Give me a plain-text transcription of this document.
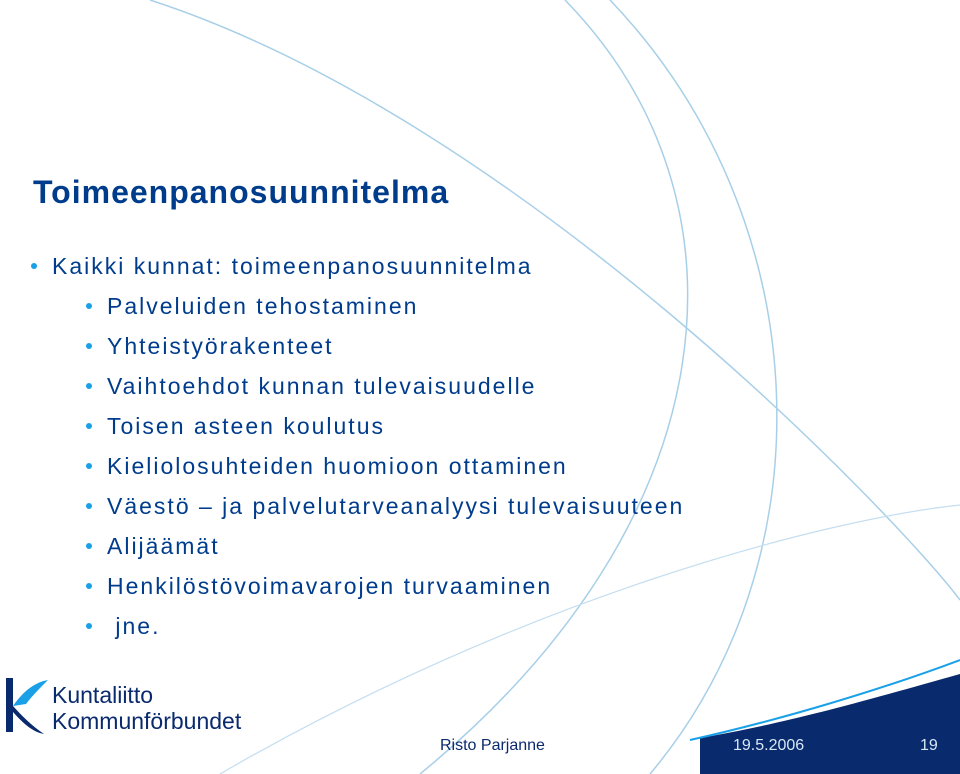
Toimeenpanosuunnitelma
Kaikki kunnat: toimeenpanosuunnitelma
Palveluiden tehostaminen
Yhteistyörakenteet
Vaihtoehdot kunnan tulevaisuudelle
Toisen asteen koulutus
Kieliolosuhteiden huomioon ottaminen
Väestö – ja palvelutarveanalyysi tulevaisuuteen
Alijäämät
Henkilöstövoimavarojen turvaaminen
jne.
Kuntaliitto
Kommunförbundet
Risto Parjanne	19.5.2006	19
